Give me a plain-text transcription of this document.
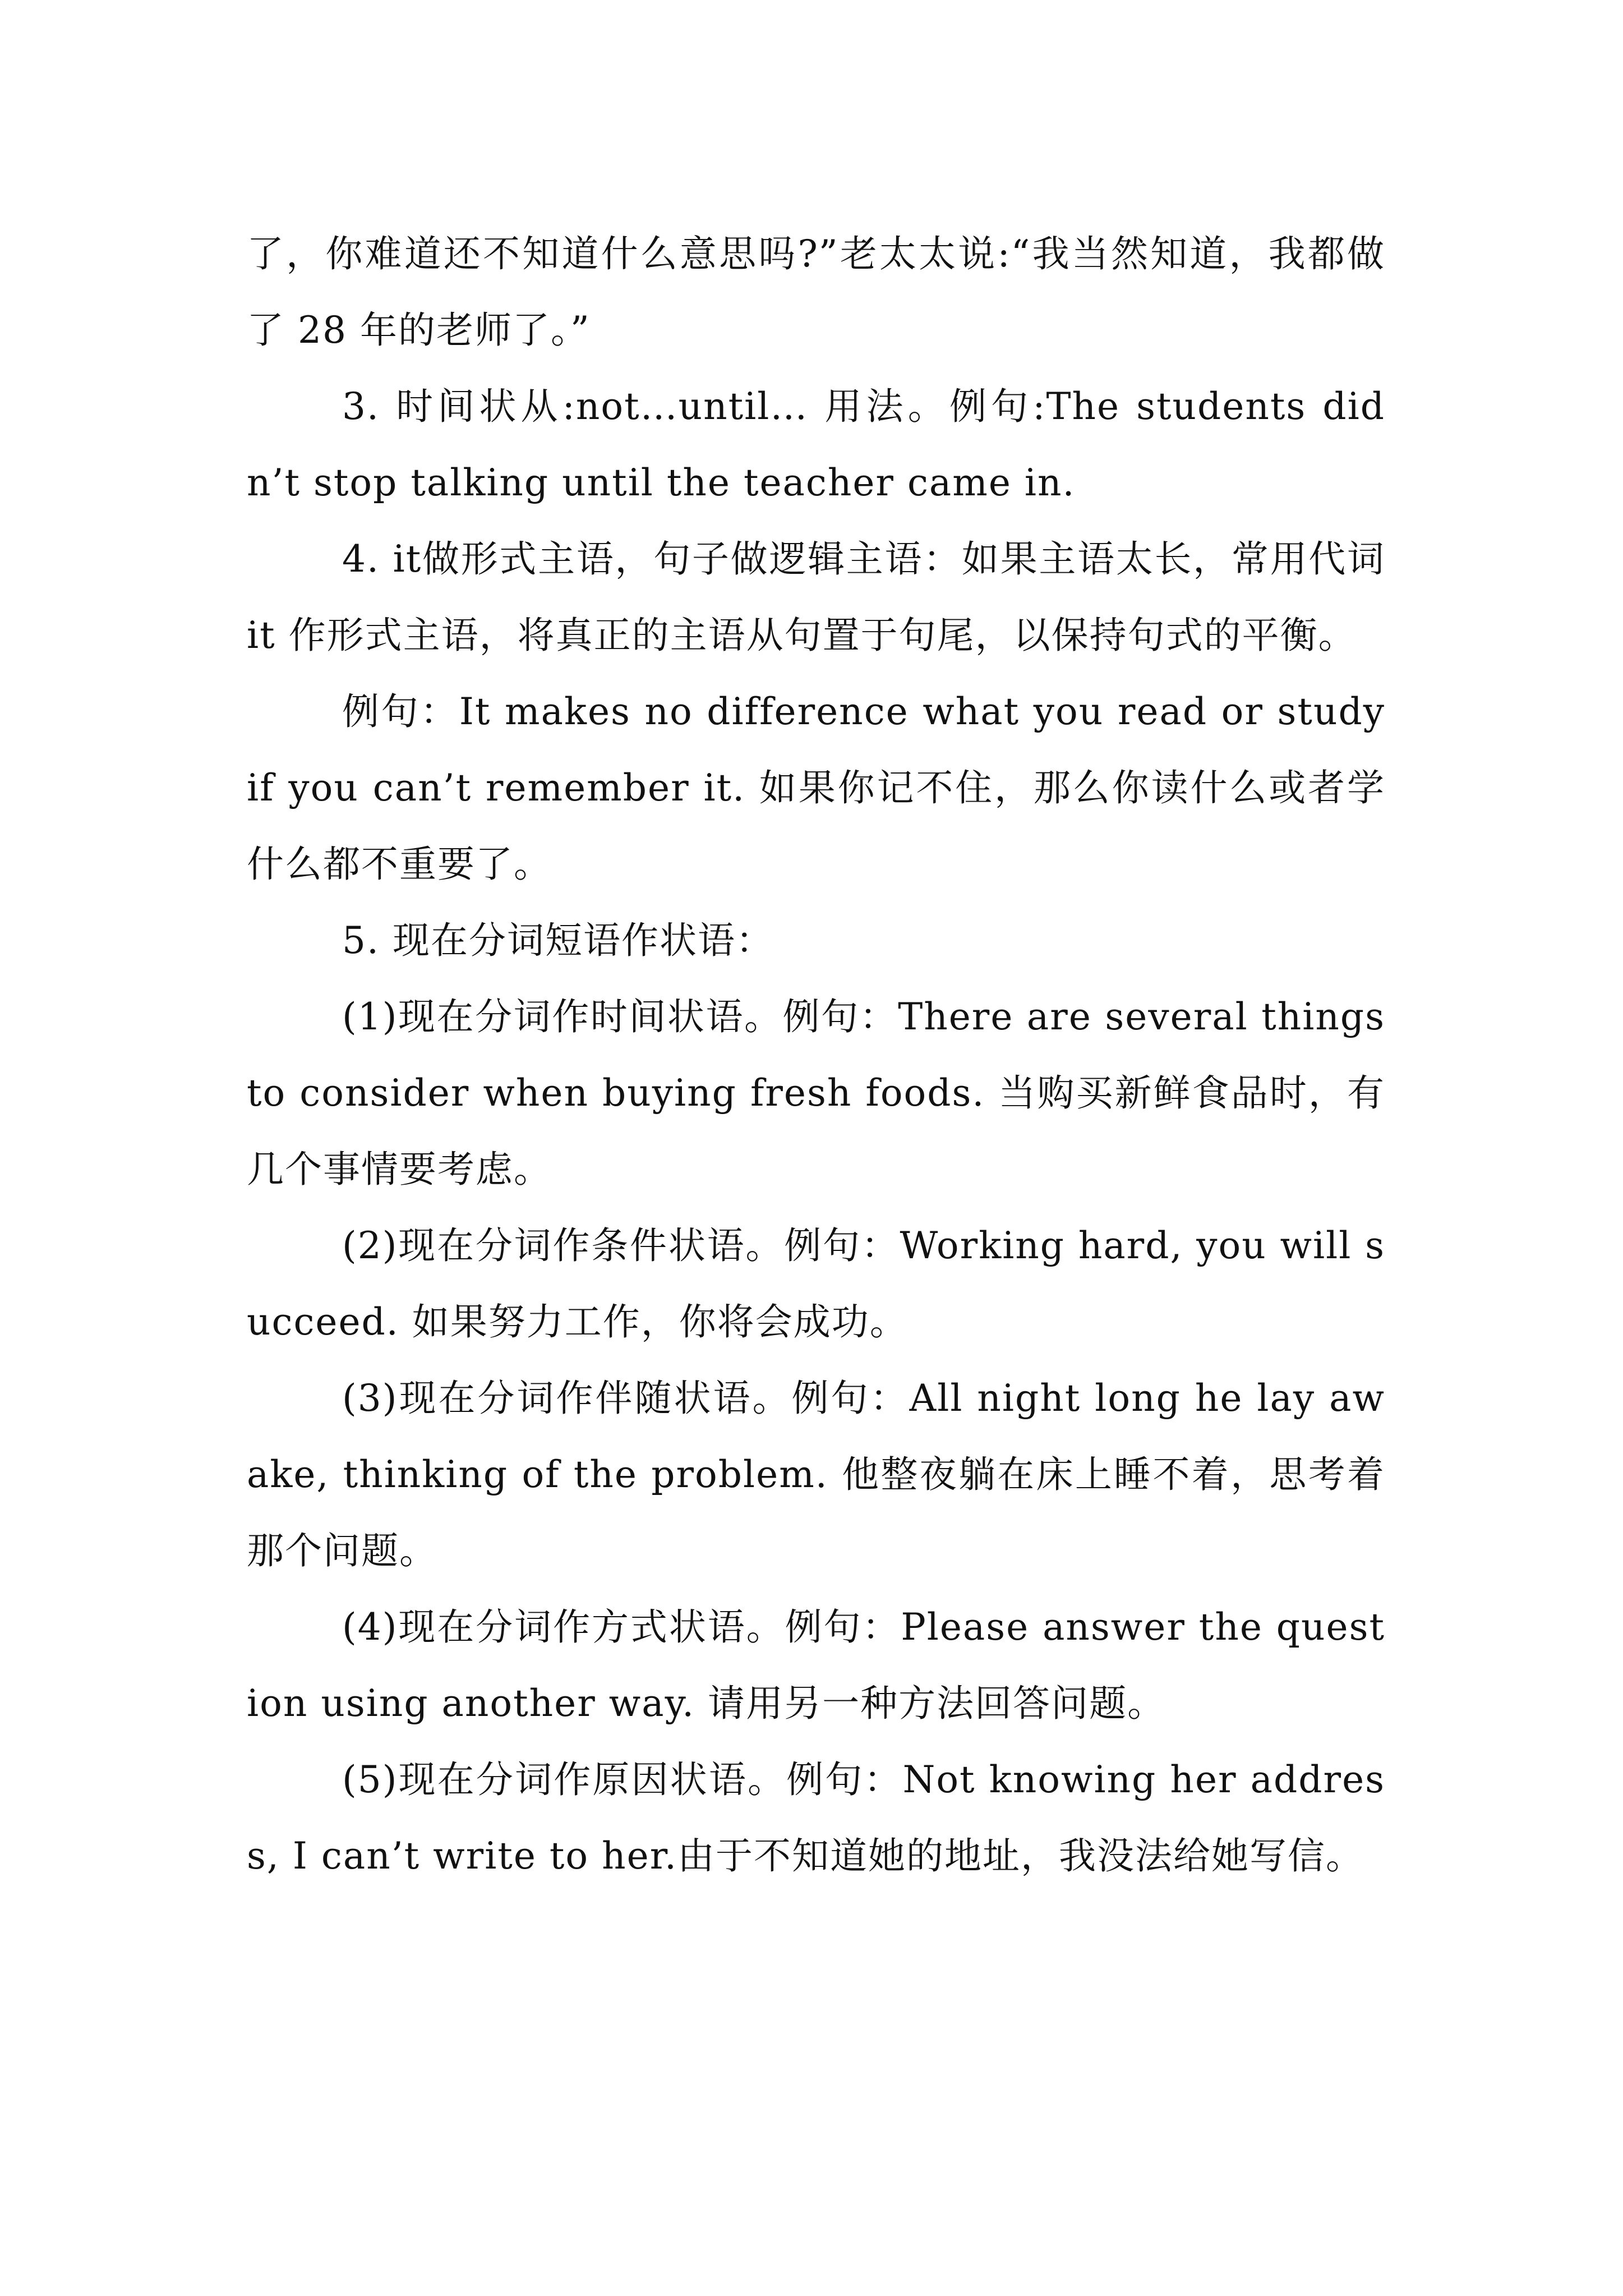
了，你难道还不知道什么意思吗?”老太太说:“我当然知道，我都做了 28 年的老师了。”

3. 时间状从:not…until… 用法。例句:The students didn’t stop talking until the teacher came in.

4. it做形式主语，句子做逻辑主语：如果主语太长，常用代词 it 作形式主语，将真正的主语从句置于句尾，以保持句式的平衡。

例句：It makes no difference what you read or study if you can’t remember it. 如果你记不住，那么你读什么或者学什么都不重要了。

5. 现在分词短语作状语：

(1)现在分词作时间状语。例句：There are several things to consider when buying fresh foods. 当购买新鲜食品时，有几个事情要考虑。

(2)现在分词作条件状语。例句：Working hard, you will succeed. 如果努力工作，你将会成功。

(3)现在分词作伴随状语。例句：All night long he lay awake, thinking of the problem. 他整夜躺在床上睡不着，思考着那个问题。

(4)现在分词作方式状语。例句：Please answer the question using another way. 请用另一种方法回答问题。

(5)现在分词作原因状语。例句：Not knowing her address, I can’t write to her.由于不知道她的地址，我没法给她写信。
